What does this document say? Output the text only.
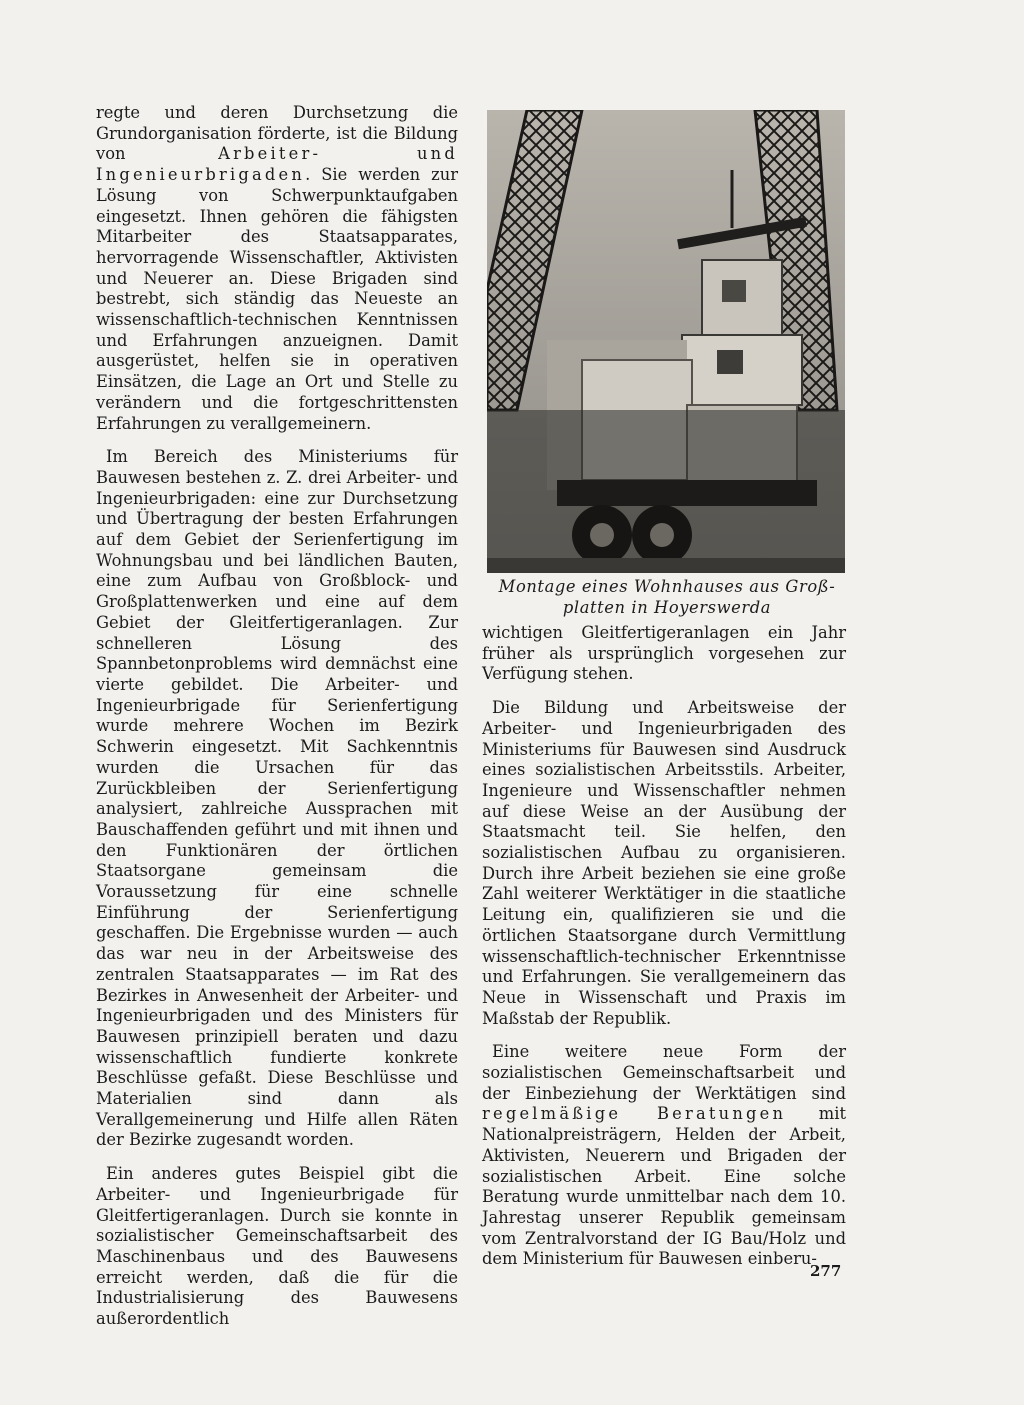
regte und deren Durchsetzung die Grundorganisation förderte, ist die Bildung von Arbeiter- und Ingenieurbrigaden. Sie werden zur Lösung von Schwerpunktaufgaben eingesetzt. Ihnen gehören die fähigsten Mitarbeiter des Staatsapparates, hervorragende Wissenschaftler, Aktivisten und Neuerer an. Diese Brigaden sind bestrebt, sich ständig das Neueste an wissenschaftlich-technischen Kenntnissen und Erfahrungen anzueignen. Damit ausgerüstet, helfen sie in operativen Einsätzen, die Lage an Ort und Stelle zu verändern und die fortgeschrittensten Erfahrungen zu verallgemeinern.

Im Bereich des Ministeriums für Bauwesen bestehen z. Z. drei Arbeiter- und Ingenieurbrigaden: eine zur Durchsetzung und Übertragung der besten Erfahrungen auf dem Gebiet der Serienfertigung im Wohnungsbau und bei ländlichen Bauten, eine zum Aufbau von Großblock- und Großplattenwerken und eine auf dem Gebiet der Gleitfertigeranlagen. Zur schnelleren Lösung des Spannbetonproblems wird demnächst eine vierte gebildet. Die Arbeiter- und Ingenieurbrigade für Serienfertigung wurde mehrere Wochen im Bezirk Schwerin eingesetzt. Mit Sachkenntnis wurden die Ursachen für das Zurückbleiben der Serienfertigung analysiert, zahlreiche Aussprachen mit Bauschaffenden geführt und mit ihnen und den Funktionären der örtlichen Staatsorgane gemeinsam die Voraussetzung für eine schnelle Einführung der Serienfertigung geschaffen. Die Ergebnisse wurden — auch das war neu in der Arbeitsweise des zentralen Staatsapparates — im Rat des Bezirkes in Anwesenheit der Arbeiter- und Ingenieurbrigaden und des Ministers für Bauwesen prinzipiell beraten und dazu wissenschaftlich fundierte konkrete Beschlüsse gefaßt. Diese Beschlüsse und Materialien sind dann als Verallgemeinerung und Hilfe allen Räten der Bezirke zugesandt worden.

Ein anderes gutes Beispiel gibt die Arbeiter- und Ingenieurbrigade für Gleitfertigeranlagen. Durch sie konnte in sozialistischer Gemeinschaftsarbeit des Maschinenbaus und des Bauwesens erreicht werden, daß die für die Industrialisierung des Bauwesens außerordentlich

Montage eines Wohnhauses aus Groß-
platten in Hoyerswerda

wichtigen Gleitfertigeranlagen ein Jahr früher als ursprünglich vorgesehen zur Verfügung stehen.

Die Bildung und Arbeitsweise der Arbeiter- und Ingenieurbrigaden des Ministeriums für Bauwesen sind Ausdruck eines sozialistischen Arbeitsstils. Arbeiter, Ingenieure und Wissenschaftler nehmen auf diese Weise an der Ausübung der Staatsmacht teil. Sie helfen, den sozialistischen Aufbau zu organisieren. Durch ihre Arbeit beziehen sie eine große Zahl weiterer Werktätiger in die staatliche Leitung ein, qualifizieren sie und die örtlichen Staatsorgane durch Vermittlung wissenschaftlich-technischer Erkenntnisse und Erfahrungen. Sie verallgemeinern das Neue in Wissenschaft und Praxis im Maßstab der Republik.

Eine weitere neue Form der sozialistischen Gemeinschaftsarbeit und der Einbeziehung der Werktätigen sind regelmäßige Beratungen mit Nationalpreisträgern, Helden der Arbeit, Aktivisten, Neuerern und Brigaden der sozialistischen Arbeit. Eine solche Beratung wurde unmittelbar nach dem 10. Jahrestag unserer Republik gemeinsam vom Zentralvorstand der IG Bau/Holz und dem Ministerium für Bauwesen einberu-

277
